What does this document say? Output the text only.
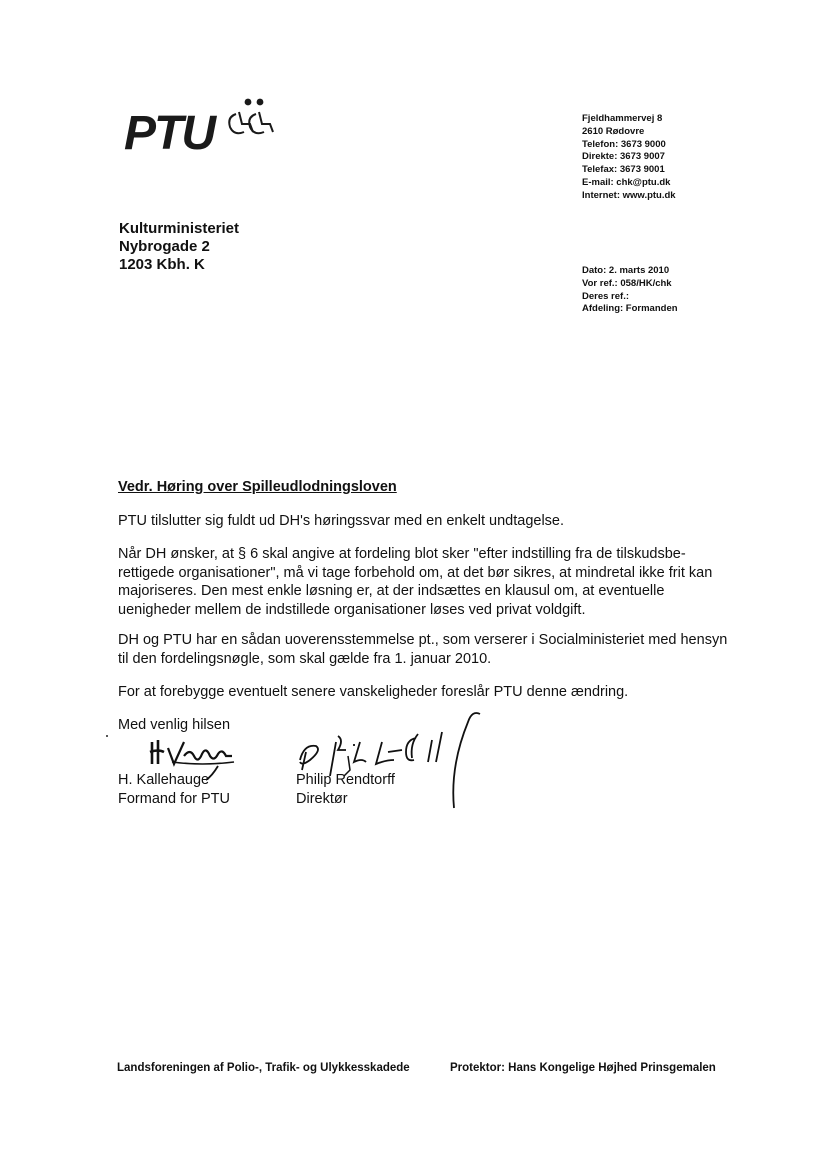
PTU	Fjeldhammervej 8
2610 Rødovre
Telefon: 3673 9000
Direkte: 3673 9007
Telefax: 3673 9001
E-mail: chk@ptu.dk
Internet: www.ptu.dk
Kulturministeriet
Nybrogade 2
1203 Kbh. K	Dato: 2. marts 2010
Vor ref.: 058/HK/chk
Deres ref.:
Afdeling: Formanden
Vedr. Høring over Spilleudlodningsloven
PTU tilslutter sig fuldt ud DH's høringssvar med en enkelt undtagelse.
Når DH ønsker, at § 6 skal angive at fordeling blot sker "efter indstilling fra de tilskudsbe-rettigede organisationer", må vi tage forbehold om, at det bør sikres, at mindretal ikke frit kan majoriseres. Den mest enkle løsning er, at der indsættes en klausul om, at eventuelle uenigheder mellem de indstillede organisationer løses ved privat voldgift.
DH og PTU har en sådan uoverensstemmelse pt., som verserer i Socialministeriet med hensyn til den fordelingsnøgle, som skal gælde fra 1. januar 2010.
For at forebygge eventuelt senere vanskeligheder foreslår PTU denne ændring.
Med venlig hilsen
H. Kallehauge
Formand for PTU
Philip Rendtorff
Direktør
Landsforeningen af Polio-, Trafik- og Ulykkesskadede	Protektor: Hans Kongelige Højhed Prinsgemalen
